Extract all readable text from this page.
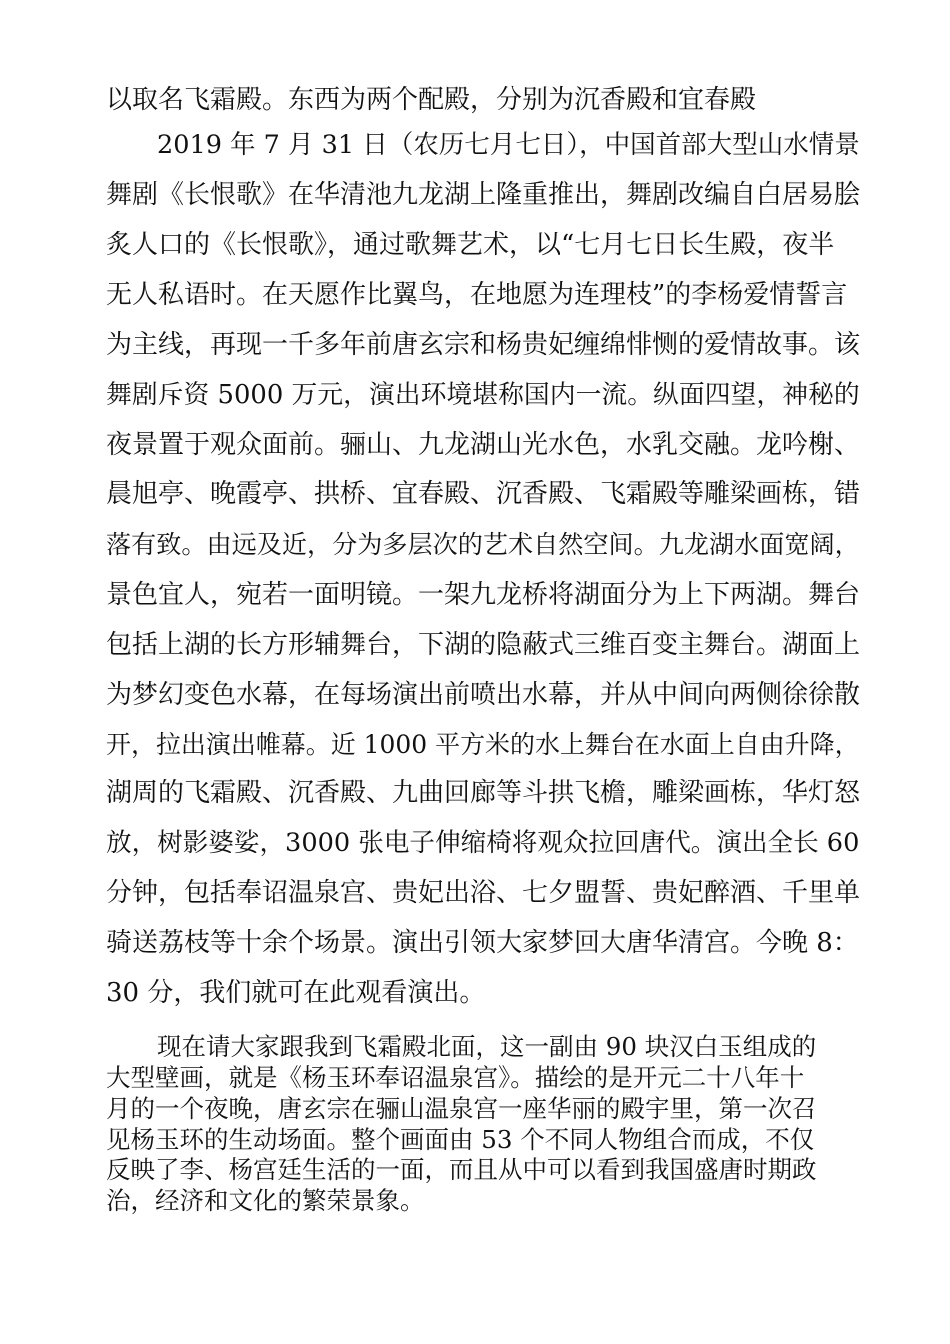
以取名飞霜殿。东西为两个配殿，分别为沉香殿和宜春殿
2019 年 7 月 31 日（农历七月七日），中国首部大型山水情景
舞剧《长恨歌》在华清池九龙湖上隆重推出，舞剧改编自白居易脍
炙人口的《长恨歌》，通过歌舞艺术，以“七月七日长生殿，夜半
无人私语时。在天愿作比翼鸟，在地愿为连理枝”的李杨爱情誓言
为主线，再现一千多年前唐玄宗和杨贵妃缠绵悱恻的爱情故事。该
舞剧斥资 5000 万元，演出环境堪称国内一流。纵面四望，神秘的
夜景置于观众面前。骊山、九龙湖山光水色，水乳交融。龙吟榭、
晨旭亭、晚霞亭、拱桥、宜春殿、沉香殿、飞霜殿等雕梁画栋，错
落有致。由远及近，分为多层次的艺术自然空间。九龙湖水面宽阔，
景色宜人，宛若一面明镜。一架九龙桥将湖面分为上下两湖。舞台
包括上湖的长方形辅舞台，下湖的隐蔽式三维百变主舞台。湖面上
为梦幻变色水幕，在每场演出前喷出水幕，并从中间向两侧徐徐散
开，拉出演出帷幕。近 1000 平方米的水上舞台在水面上自由升降，
湖周的飞霜殿、沉香殿、九曲回廊等斗拱飞檐，雕梁画栋，华灯怒
放，树影婆娑，3000 张电子伸缩椅将观众拉回唐代。演出全长 60
分钟，包括奉诏温泉宫、贵妃出浴、七夕盟誓、贵妃醉酒、千里单
骑送荔枝等十余个场景。演出引领大家梦回大唐华清宫。今晚 8：
30 分，我们就可在此观看演出。
现在请大家跟我到飞霜殿北面，这一副由 90 块汉白玉组成的
大型壁画，就是《杨玉环奉诏温泉宫》。描绘的是开元二十八年十
月的一个夜晚，唐玄宗在骊山温泉宫一座华丽的殿宇里，第一次召
见杨玉环的生动场面。整个画面由 53 个不同人物组合而成，不仅
反映了李、杨宫廷生活的一面，而且从中可以看到我国盛唐时期政
治，经济和文化的繁荣景象。
